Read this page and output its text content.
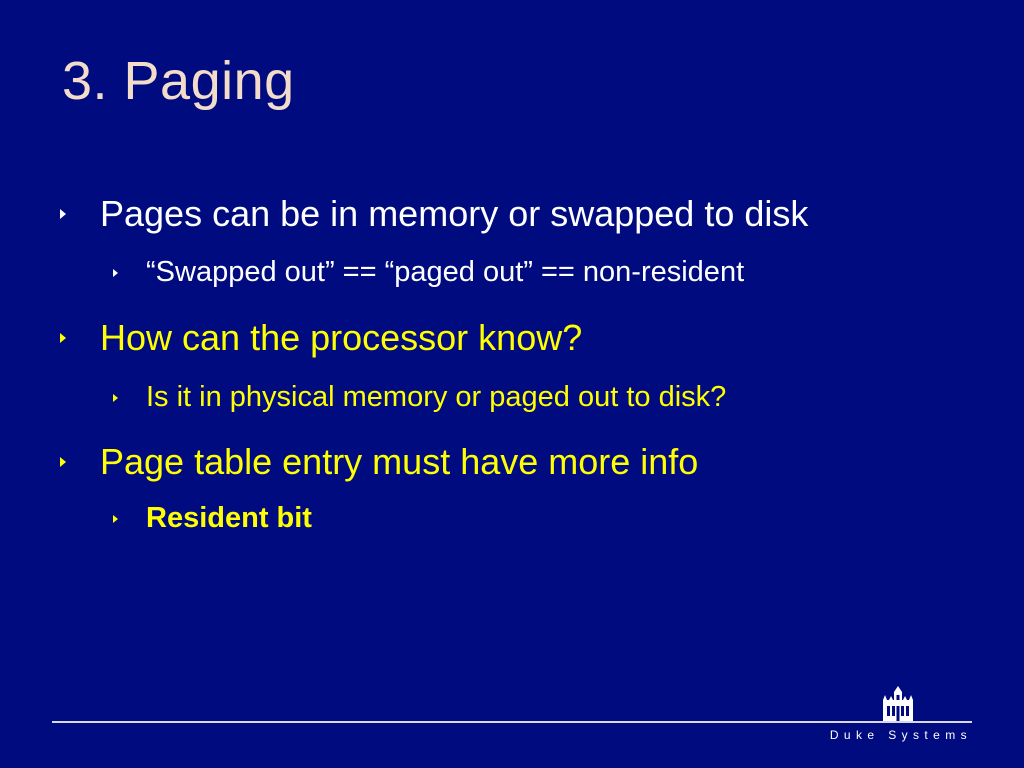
3. Paging
Pages can be in memory or swapped to disk
“Swapped out” == “paged out” == non-resident
How can the processor know?
Is it in physical memory or paged out to disk?
Page table entry must have more info
Resident bit
Duke Systems
